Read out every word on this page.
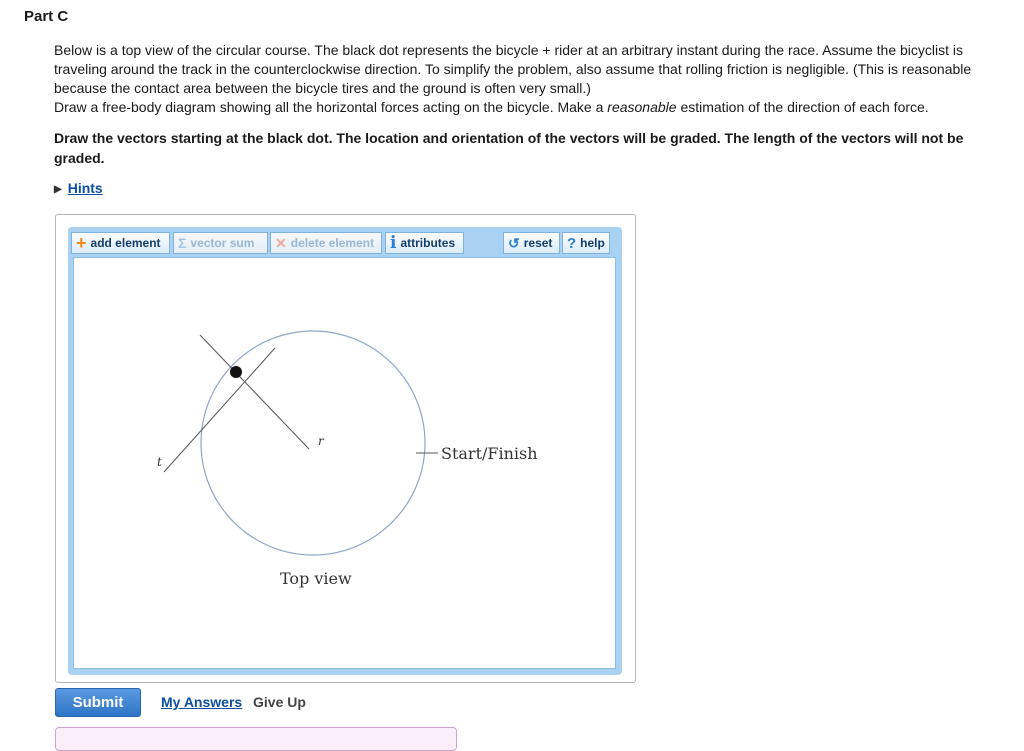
Part C

Below is a top view of the circular course. The black dot represents the bicycle + rider at an arbitrary instant during the race. Assume the bicyclist is traveling around the track in the counterclockwise direction. To simplify the problem, also assume that rolling friction is negligible. (This is reasonable because the contact area between the bicycle tires and the ground is often very small.)

Draw a free-body diagram showing all the horizontal forces acting on the bicycle. Make a reasonable estimation of the direction of each force.

Draw the vectors starting at the black dot. The location and orientation of the vectors will be graded. The length of the vectors will not be graded.

▶ Hints
+ add element Σ vector sum ✕ delete element i attributes	↺ reset ? help
t
r
Start/Finish
Top view
Submit	My Answers Give Up
